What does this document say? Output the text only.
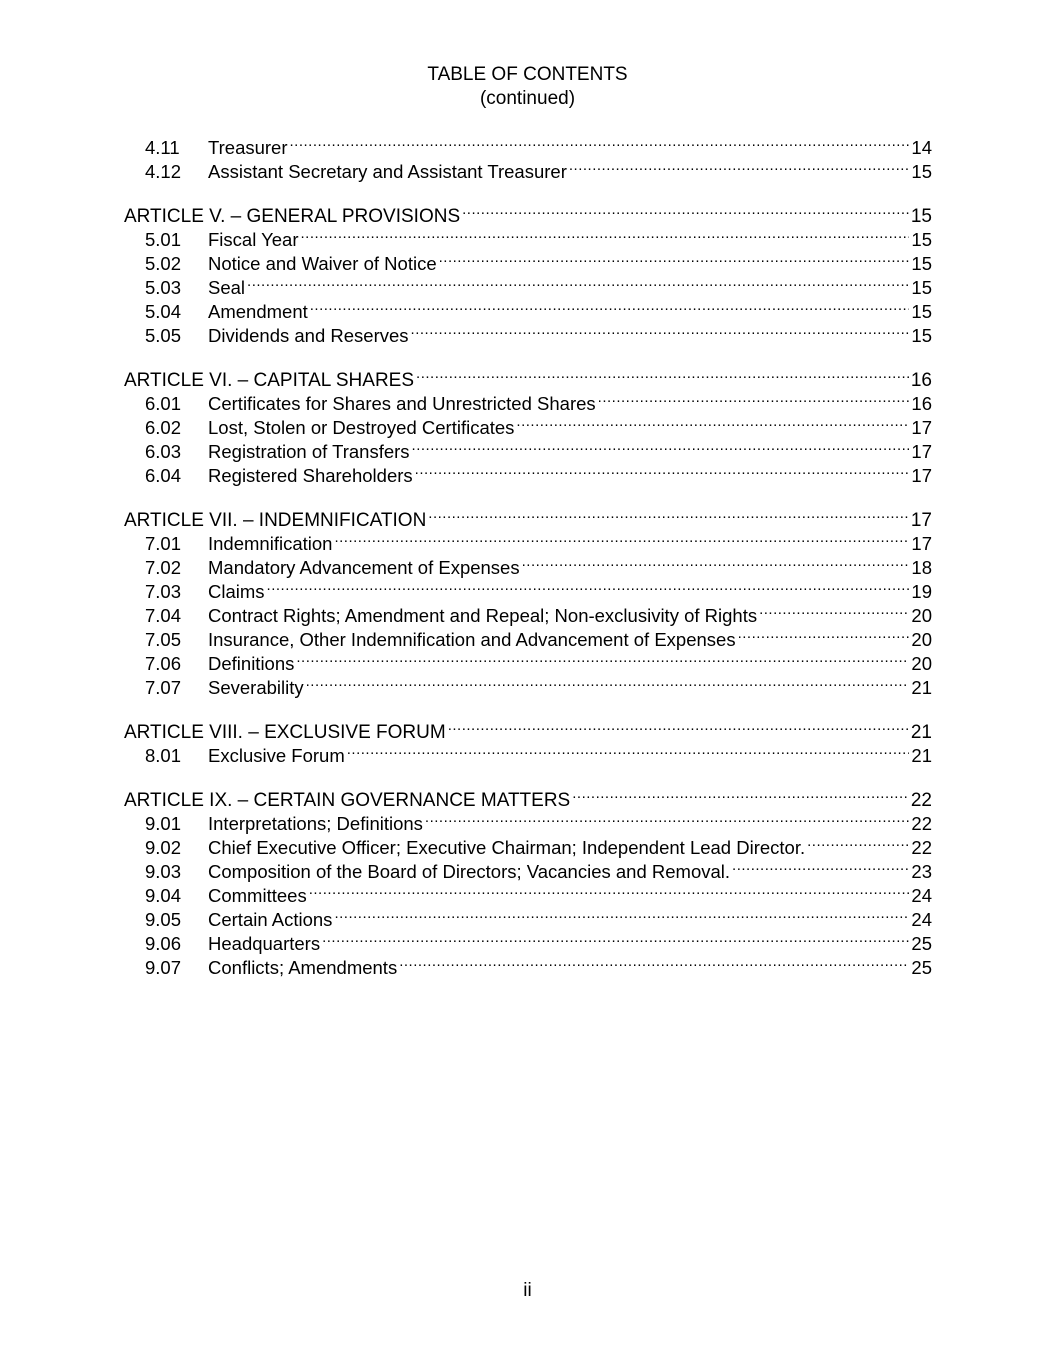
TABLE OF CONTENTS
(continued)
4.11	Treasurer .....	14
4.12	Assistant Secretary and Assistant Treasurer .....	15
ARTICLE V. – GENERAL PROVISIONS .....	15
5.01	Fiscal Year .....	15
5.02	Notice and Waiver of Notice .....	15
5.03	Seal .....	15
5.04	Amendment .....	15
5.05	Dividends and Reserves .....	15
ARTICLE VI. – CAPITAL SHARES .....	16
6.01	Certificates for Shares and Unrestricted Shares .....	16
6.02	Lost, Stolen or Destroyed Certificates .....	17
6.03	Registration of Transfers .....	17
6.04	Registered Shareholders .....	17
ARTICLE VII. – INDEMNIFICATION .....	17
7.01	Indemnification .....	17
7.02	Mandatory Advancement of Expenses .....	18
7.03	Claims .....	19
7.04	Contract Rights; Amendment and Repeal; Non-exclusivity of Rights .....	20
7.05	Insurance, Other Indemnification and Advancement of Expenses .....	20
7.06	Definitions .....	20
7.07	Severability .....	21
ARTICLE VIII. – EXCLUSIVE FORUM .....	21
8.01	Exclusive Forum .....	21
ARTICLE IX. – CERTAIN GOVERNANCE MATTERS .....	22
9.01	Interpretations; Definitions .....	22
9.02	Chief Executive Officer; Executive Chairman; Independent Lead Director. .....	22
9.03	Composition of the Board of Directors; Vacancies and Removal. .....	23
9.04	Committees .....	24
9.05	Certain Actions .....	24
9.06	Headquarters .....	25
9.07	Conflicts; Amendments .....	25
ii
